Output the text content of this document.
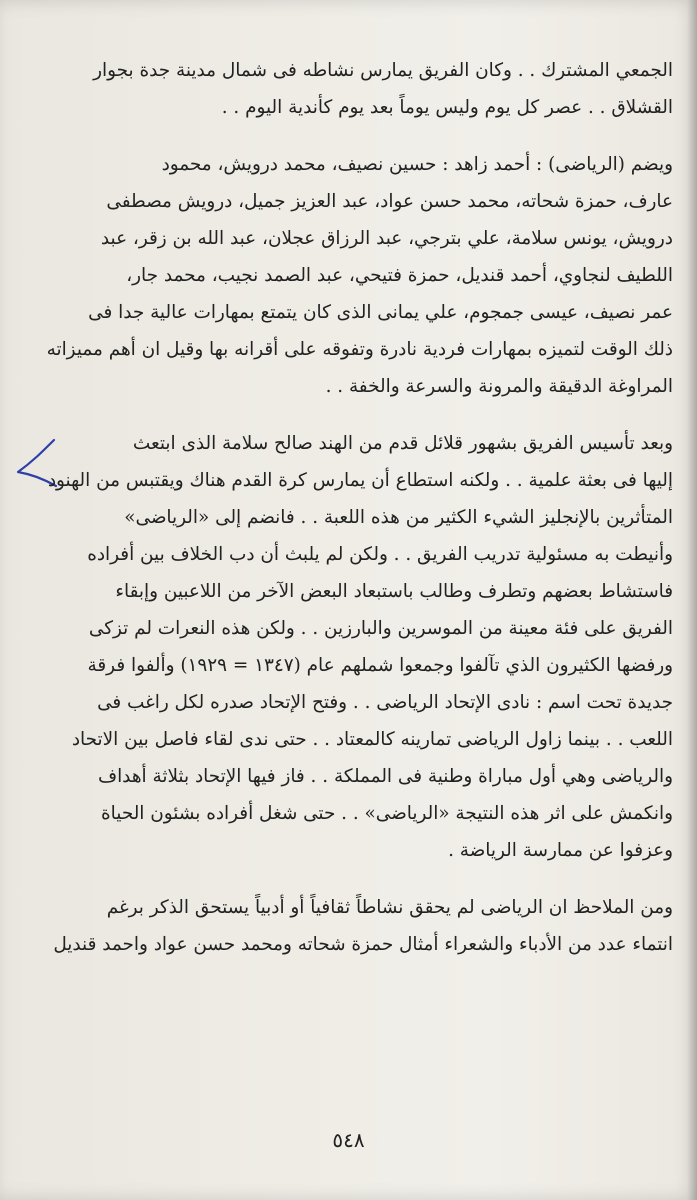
الجمعي المشترك . . وكان الفريق يمارس نشاطه فى شمال مدينة جدة بجوار
القشلاق . . عصر كل يوم وليس يوماً بعد يوم كأندية اليوم . .
ويضم (الرياضى) : أحمد زاهد : حسين نصيف، محمد درويش، محمود
عارف، حمزة شحاته، محمد حسن عواد، عبد العزيز جميل، درويش مصطفى
درويش، يونس سلامة، علي بترجي، عبد الرزاق عجلان، عبد الله بن زقر، عبد
اللطيف لنجاوي، أحمد قنديل، حمزة فتيحي، عبد الصمد نجيب، محمد جار،
عمر نصيف، عيسى جمجوم، علي يمانى الذى كان يتمتع بمهارات عالية جدا فى
ذلك الوقت لتميزه بمهارات فردية نادرة وتفوقه على أقرانه بها وقيل ان أهم مميزاته
المراوغة الدقيقة والمرونة والسرعة والخفة . .
وبعد تأسيس الفريق بشهور قلائل قدم من الهند صالح سلامة الذى ابتعث
إليها فى بعثة علمية . . ولكنه استطاع أن يمارس كرة القدم هناك ويقتبس من الهنود
المتأثرين بالإنجليز الشيء الكثير من هذه اللعبة . . فانضم إلى «الرياضى»
وأنيطت به مسئولية تدريب الفريق . . ولكن لم يلبث أن دب الخلاف بين أفراده
فاستشاط بعضهم وتطرف وطالب باستبعاد البعض الآخر من اللاعبين وإبقاء
الفريق على فئة معينة من الموسرين والبارزين . . ولكن هذه النعرات لم تزكى
ورفضها الكثيرون الذي تآلفوا وجمعوا شملهم عام (١٣٤٧ = ١٩٢٩) وألفوا فرقة
جديدة تحت اسم : نادى الإتحاد الرياضى . . وفتح الإتحاد صدره لكل راغب فى
اللعب . . بينما زاول الرياضى تمارينه كالمعتاد . . حتى ندى لقاء فاصل بين الاتحاد
والرياضى وهي أول مباراة وطنية فى المملكة . . فاز فيها الإتحاد بثلاثة أهداف
وانكمش على اثر هذه النتيجة «الرياضى» . . حتى شغل أفراده بشئون الحياة
وعزفوا عن ممارسة الرياضة .
ومن الملاحظ ان الرياضى لم يحقق نشاطاً ثقافياً أو أدبياً يستحق الذكر برغم
انتماء عدد من الأدباء والشعراء أمثال حمزة شحاته ومحمد حسن عواد واحمد قنديل
٥٤٨
